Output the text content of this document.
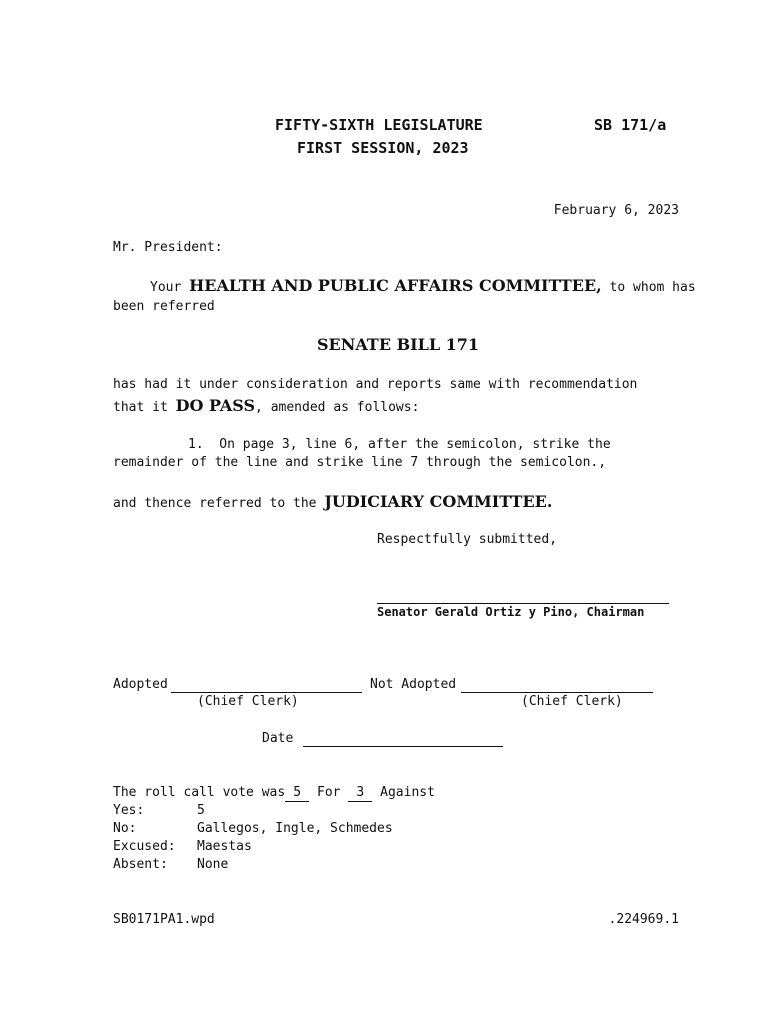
FIFTY-SIXTH LEGISLATURE	SB 171/a
FIRST SESSION, 2023
February 6, 2023
Mr. President:
Your HEALTH AND PUBLIC AFFAIRS COMMITTEE, to whom has
been referred
SENATE BILL 171
has had it under consideration and reports same with recommendation
that it DO PASS, amended as follows:
1.  On page 3, line 6, after the semicolon, strike the
remainder of the line and strike line 7 through the semicolon.,
and thence referred to the JUDICIARY COMMITTEE.
Respectfully submitted,
Senator Gerald Ortiz y Pino, Chairman
Adopted	Not Adopted
(Chief Clerk)	(Chief Clerk)
Date
The roll call vote was 5 For 3 Against
Yes:	5
No:	Gallegos, Ingle, Schmedes
Excused: Maestas
Absent: None
SB0171PA1.wpd	.224969.1
